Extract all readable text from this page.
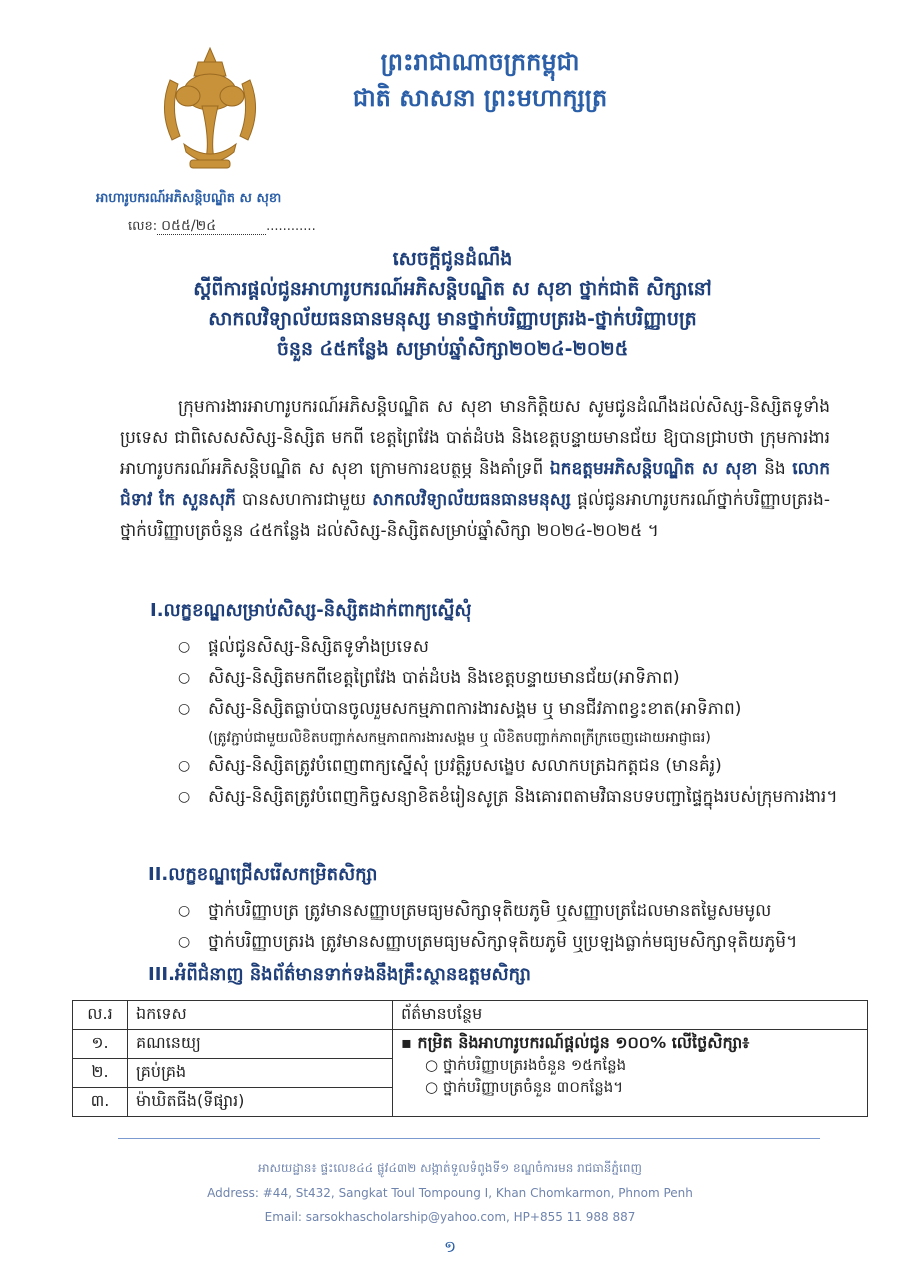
ព្រះរាជាណាចក្រកម្ពុជា
ជាតិ សាសនា ព្រះមហាក្សត្រ
អាហារូបករណ៍អភិសន្តិបណ្ឌិត ស សុខា
លេខ: ០៥៥/២៤	............
សេចក្តីជូនដំណឹង
ស្តីពីការផ្តល់ជូនអាហារូបករណ៍អភិសន្តិបណ្ឌិត ស សុខា ថ្នាក់ជាតិ សិក្សានៅ
សាកលវិទ្យាល័យធនធានមនុស្ស មានថ្នាក់បរិញ្ញាបត្ររង-ថ្នាក់បរិញ្ញាបត្រ
ចំនួន ៤៥កន្លែង សម្រាប់ឆ្នាំសិក្សា២០២៤-២០២៥
ក្រុមការងារអាហារូបករណ៍អភិសន្តិបណ្ឌិត ស សុខា មានកិត្តិយស សូមជូនដំណឹងដល់សិស្ស-និស្សិតទូទាំងប្រទេស ជាពិសេសសិស្ស-និស្សិត មកពី ខេត្តព្រៃវែង បាត់ដំបង និងខេត្តបន្ទាយមានជ័យ ឱ្យបានជ្រាបថា ក្រុមការងារអាហារូបករណ៍អភិសន្តិបណ្ឌិត ស សុខា ក្រោមការឧបត្ថម្ភ និងគាំទ្រពី ឯកឧត្តមអភិសន្តិបណ្ឌិត ស សុខា និង លោកជំទាវ កែ សួនសុភី បានសហការជាមួយ សាកលវិទ្យាល័យធនធានមនុស្ស ផ្តល់ជូនអាហារូបករណ៍ថ្នាក់បរិញ្ញាបត្ររង-ថ្នាក់បរិញ្ញាបត្រចំនួន ៤៥កន្លែង ដល់សិស្ស-និស្សិតសម្រាប់ឆ្នាំសិក្សា ២០២៤-២០២៥ ។
I.លក្ខខណ្ឌសម្រាប់សិស្ស-និស្សិតដាក់ពាក្យស្នើសុំ
○ ផ្តល់ជូនសិស្ស-និស្សិតទូទាំងប្រទេស
○ សិស្ស-និស្សិតមកពីខេត្តព្រៃវែង បាត់ដំបង និងខេត្តបន្ទាយមានជ័យ(អាទិភាព)
○ សិស្ស-និស្សិតធ្លាប់បានចូលរួមសកម្មភាពការងារសង្គម ឬ មានជីវភាពខ្វះខាត(អាទិភាព)
(ត្រូវភ្ជាប់ជាមួយលិខិតបញ្ជាក់សកម្មភាពការងារសង្គម ឬ លិខិតបញ្ជាក់ភាពក្រីក្រចេញដោយអាជ្ញាធរ)
○ សិស្ស-និស្សិតត្រូវបំពេញពាក្យស្នើសុំ ប្រវត្តិរូបសង្ខេប សលាកបត្រឯកត្តជន (មានគំរូ)
○ សិស្ស-និស្សិតត្រូវបំពេញកិច្ចសន្យាខិតខំរៀនសូត្រ និងគោរពតាមវិធានបទបញ្ជាផ្ទៃក្នុងរបស់ក្រុមការងារ។
II.លក្ខខណ្ឌជ្រើសរើសកម្រិតសិក្សា
○ ថ្នាក់បរិញ្ញាបត្រ ត្រូវមានសញ្ញាបត្រមធ្យមសិក្សាទុតិយភូមិ ឬសញ្ញាបត្រដែលមានតម្លៃសមមូល
○ ថ្នាក់បរិញ្ញាបត្ររង ត្រូវមានសញ្ញាបត្រមធ្យមសិក្សាទុតិយភូមិ ឬប្រឡងធ្លាក់មធ្យមសិក្សាទុតិយភូមិ។
III.អំពីជំនាញ និងព័ត៌មានទាក់ទងនឹងគ្រឹះស្ថានឧត្តមសិក្សា
ល.រ	ឯកទេស	ព័ត៌មានបន្ថែម
១.	គណនេយ្យ	▪ កម្រិត និងអាហារូបករណ៍ផ្តល់ជូន ១០០% លើថ្លៃសិក្សា៖
○ ថ្នាក់បរិញ្ញាបត្ររងចំនួន ១៥កន្លែង
○ ថ្នាក់បរិញ្ញាបត្រចំនួន ៣០កន្លែង។

២.	គ្រប់គ្រង	
៣.	ម៉ាឃិតធីង(ទីផ្សារ)	
អាសយដ្ឋាន៖ ផ្ទះលេខ៤៤ ផ្លូវ៤៣២ សង្កាត់ទួលទំពូងទី១ ខណ្ឌចំការមន រាជធានីភ្នំពេញ
Address: #44, St432, Sangkat Toul Tompoung I, Khan Chomkarmon, Phnom Penh
Email: sarsokhascholarship@yahoo.com, HP+855 11 988 887
១
